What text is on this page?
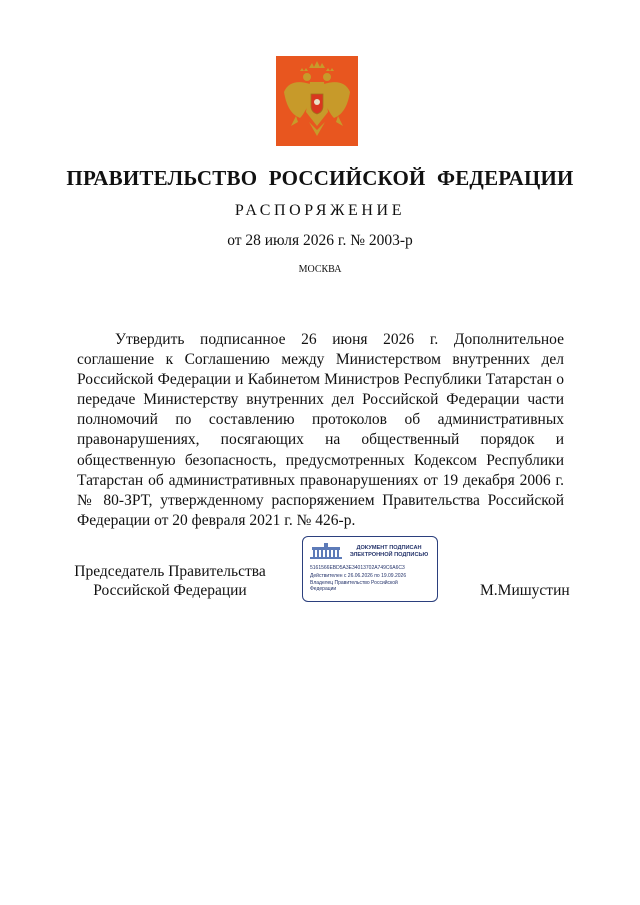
ПРАВИТЕЛЬСТВО РОССИЙСКОЙ ФЕДЕРАЦИИ
РАСПОРЯЖЕНИЕ
от 28 июля 2026 г. № 2003-р
МОСКВА

Утвердить подписанное 26 июня 2026 г. Дополнительное соглашение к Соглашению между Министерством внутренних дел Российской Федерации и Кабинетом Министров Республики Татарстан о передаче Министерству внутренних дел Российской Федерации части полномочий по составлению протоколов об административных правонарушениях, посягающих на общественный порядок и общественную безопасность, предусмотренных Кодексом Республики Татарстан об административных правонарушениях от 19 декабря 2006 г. № 80-ЗРТ, утвержденному распоряжением Правительства Российской Федерации от 20 февраля 2021 г. № 426-р.

Председатель Правительства
Российской Федерации
ДОКУМЕНТ ПОДПИСАН
ЭЛЕКТРОННОЙ ПОДПИСЬЮ
5161566EBD5A3E34013702A749C6A6C3
Действителен с 26.06.2026 по 19.09.2026
Владелец Правительство Российской
Федерации	М.Мишустин
